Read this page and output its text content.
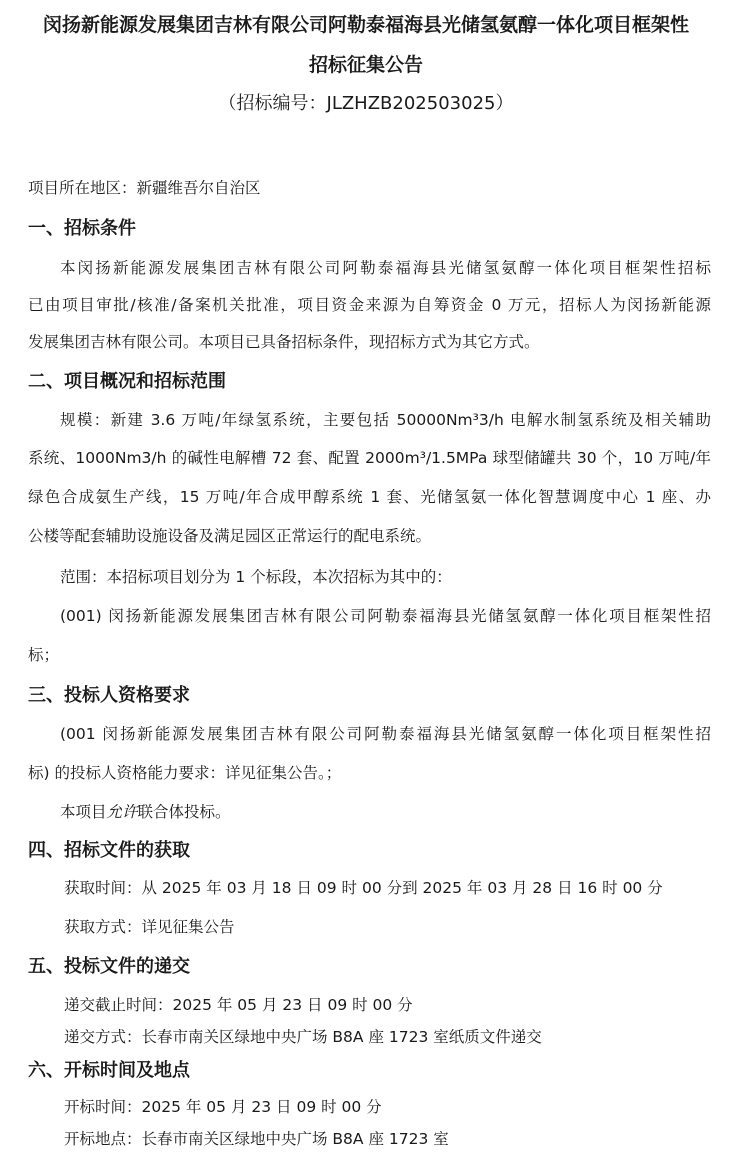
闵扬新能源发展集团吉林有限公司阿勒泰福海县光储氢氨醇一体化项目框架性
招标征集公告
（招标编号：JLZHZB202503025）
项目所在地区：新疆维吾尔自治区
一、招标条件
本闵扬新能源发展集团吉林有限公司阿勒泰福海县光储氢氨醇一体化项目框架性招标
已由项目审批/核准/备案机关批准，项目资金来源为自筹资金 0 万元，招标人为闵扬新能源
发展集团吉林有限公司。本项目已具备招标条件，现招标方式为其它方式。
二、项目概况和招标范围
规模：新建 3.6 万吨/年绿氢系统，主要包括 50000Nm³3/h 电解水制氢系统及相关辅助
系统、1000Nm3/h 的碱性电解槽 72 套、配置 2000m³/1.5MPa 球型储罐共 30 个，10 万吨/年
绿色合成氨生产线，15 万吨/年合成甲醇系统 1 套、光储氢氨一体化智慧调度中心 1 座、办
公楼等配套辅助设施设备及满足园区正常运行的配电系统。
范围：本招标项目划分为 1 个标段，本次招标为其中的：
(001) 闵扬新能源发展集团吉林有限公司阿勒泰福海县光储氢氨醇一体化项目框架性招
标；
三、投标人资格要求
(001 闵扬新能源发展集团吉林有限公司阿勒泰福海县光储氢氨醇一体化项目框架性招
标) 的投标人资格能力要求：详见征集公告。；
本项目允许联合体投标。
四、招标文件的获取
获取时间：从 2025 年 03 月 18 日 09 时 00 分到 2025 年 03 月 28 日 16 时 00 分
获取方式：详见征集公告
五、投标文件的递交
递交截止时间：2025 年 05 月 23 日 09 时 00 分
递交方式：长春市南关区绿地中央广场 B8A 座 1723 室纸质文件递交
六、开标时间及地点
开标时间：2025 年 05 月 23 日 09 时 00 分
开标地点：长春市南关区绿地中央广场 B8A 座 1723 室
